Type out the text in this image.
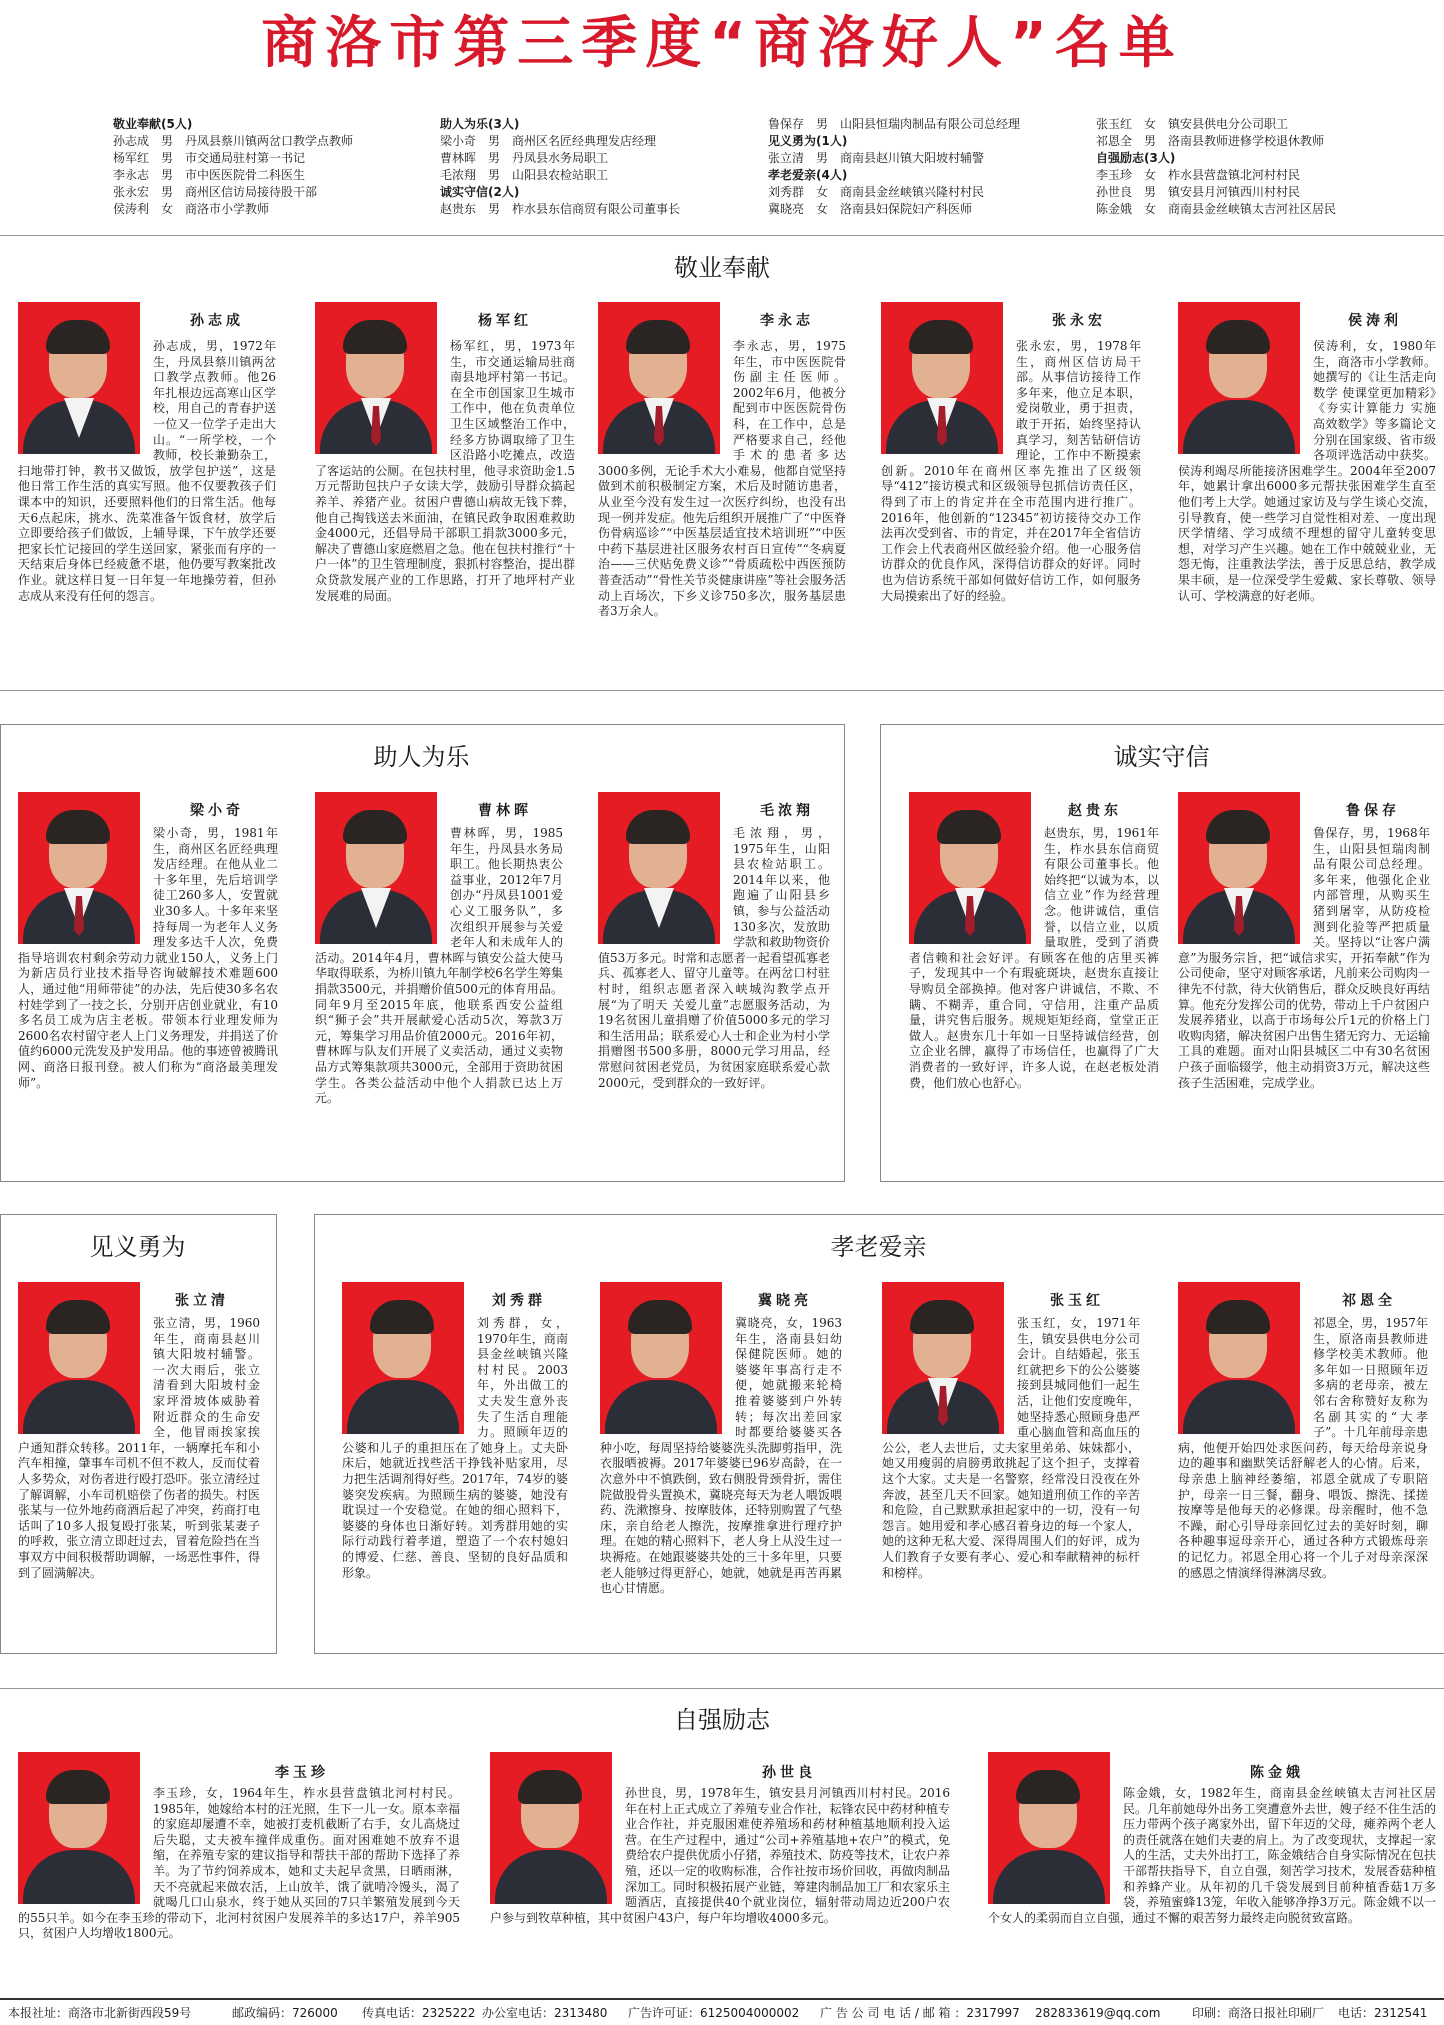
商洛市第三季度“商洛好人”名单
敬业奉献(5人)
孙志成　男　丹凤县蔡川镇两岔口教学点教师
杨军红　男　市交通局驻村第一书记
李永志　男　市中医医院骨二科医生
张永宏　男　商州区信访局接待股干部
侯涛利　女　商洛市小学教师
助人为乐(3人)
梁小奇　男　商州区名匠经典理发店经理
曹林晖　男　丹凤县水务局职工
毛浓翔　男　山阳县农检站职工
诚实守信(2人)
赵贵东　男　柞水县东信商贸有限公司董事长
鲁保存　男　山阳县恒瑞肉制品有限公司总经理
见义勇为(1人)
张立清　男　商南县赵川镇大阳坡村辅警
孝老爱亲(4人)
刘秀群　女　商南县金丝峡镇兴隆村村民
冀晓亮　女　洛南县妇保院妇产科医师
张玉红　女　镇安县供电分公司职工
祁恩全　男　洛南县教师进修学校退休教师
自强励志(3人)
李玉珍　女　柞水县营盘镇北河村村民
孙世良　男　镇安县月河镇西川村村民
陈金娥　女　商南县金丝峡镇太吉河社区居民
敬业奉献
孙志成
孙志成，男，1972年生，丹凤县蔡川镇两岔口教学点教师。他26年扎根边远高寒山区学校，用自己的青春护送一位又一位学子走出大山。“一所学校，一个教师，校长兼勤杂工，扫地带打钟，教书又做饭，放学包护送”，这是他日常工作生活的真实写照。他不仅要教孩子们课本中的知识，还要照料他们的日常生活。他每天6点起床，挑水、洗菜准备午饭食材，放学后立即要给孩子们做饭，上辅导课，下午放学还要把家长忙记接回的学生送回家，紧张而有序的一天结束后身体已经疲惫不堪，他仍要写教案批改作业。就这样日复一日年复一年地操劳着，但孙志成从来没有任何的怨言。
杨军红
杨军红，男，1973年生，市交通运输局驻商南县地坪村第一书记。在全市创国家卫生城市工作中，他在负责单位卫生区域整治工作中，经多方协调取缔了卫生区沿路小吃摊点，改造了客运站的公厕。在包扶村里，他寻求资助金1.5万元帮助包扶户子女读大学，鼓励引导群众搞起养羊、养猪产业。贫困户曹德山病故无钱下葬，他自己掏钱送去米面油，在镇民政争取困难救助金4000元，还倡导局干部职工捐款3000多元，解决了曹德山家庭燃眉之急。他在包扶村推行“十户一体”的卫生管理制度，狠抓村容整治，提出群众贷款发展产业的工作思路，打开了地坪村产业发展难的局面。
李永志
李永志，男，1975年生，市中医医院骨伤副主任医师。2002年6月，他被分配到市中医医院骨伤科，在工作中，总是严格要求自己，经他手术的患者多达3000多例，无论手术大小难易，他都自觉坚持做到术前积极制定方案，术后及时随访患者，从业至今没有发生过一次医疗纠纷，也没有出现一例并发症。他先后组织开展推广了“中医脊伤骨病巡诊”“中医基层适宜技术培训班”“中医中药下基层进社区服务农村百日宣传”“冬病夏治——三伏贴免费义诊”“骨质疏松中西医预防普查活动”“骨性关节炎健康讲座”等社会服务活动上百场次，下乡义诊750多次，服务基层患者3万余人。
张永宏
张永宏，男，1978年生，商州区信访局干部。从事信访接待工作多年来，他立足本职，爱岗敬业，勇于担责，敢于开拓，始终坚持认真学习，刻苦钻研信访理论，工作中不断摸索创新。2010年在商州区率先推出了区级领导“412”接访模式和区级领导包抓信访责任区，得到了市上的肯定并在全市范围内进行推广。2016年，他创新的“12345”初访接待交办工作法再次受到省、市的肯定，并在2017年全省信访工作会上代表商州区做经验介绍。他一心服务信访群众的优良作风，深得信访群众的好评。同时也为信访系统干部如何做好信访工作，如何服务大局摸索出了好的经验。
侯涛利
侯涛利，女，1980年生，商洛市小学教师。她撰写的《让生活走向数学 使课堂更加精彩》《夯实计算能力 实施高效数学》等多篇论文分别在国家级、省市级各项评选活动中获奖。侯涛利竭尽所能接济困难学生。2004年至2007年，她累计拿出6000多元帮扶张困难学生直至他们考上大学。她通过家访及与学生谈心交流，引导教育，使一些学习自觉性相对差、一度出现厌学情绪、学习成绩不理想的留守儿童转变思想，对学习产生兴趣。她在工作中兢兢业业，无怨无悔，注重教法学法，善于反思总结，教学成果丰硕，是一位深受学生爱戴、家长尊敬、领导认可、学校满意的好老师。
助人为乐	诚实守信
梁小奇
梁小奇，男，1981年生，商州区名匠经典理发店经理。在他从业二十多年里，先后培训学徒工260多人，安置就业30多人。十多年来坚持每周一为老年人义务理发多达千人次，免费指导培训农村剩余劳动力就业150人，义务上门为新店员行业技术指导咨询破解技术难题600人，通过他“用师带徒”的办法，先后使30多名农村娃学到了一技之长，分别开店创业就业，有10多名员工成为店主老板。带领本行业理发师为2600名农村留守老人上门义务理发，并捐送了价值约6000元洗发及护发用品。他的事迹曾被腾讯网、商洛日报刊登。被人们称为“商洛最美理发师”。
曹林晖
曹林晖，男，1985年生，丹凤县水务局职工。他长期热衷公益事业，2012年7月创办“丹凤县1001爱心义工服务队”，多次组织开展参与关爱老年人和未成年人的活动。2014年4月，曹林晖与镇安公益大使马华取得联系，为桥川镇九年制学校6名学生筹集捐款3500元，并捐赠价值500元的体育用品。同年9月至2015年底，他联系西安公益组织“狮子会”共开展献爱心活动5次，筹款3万元，筹集学习用品价值2000元。2016年初，曹林晖与队友们开展了义卖活动，通过义卖物品方式筹集款项共3000元，全部用于资助贫困学生。各类公益活动中他个人捐款已达上万元。
毛浓翔
毛浓翔，男，1975年生，山阳县农检站职工。2014年以来，他跑遍了山阳县乡镇，参与公益活动130多次，发放助学款和救助物资价值53万多元。时常和志愿者一起看望孤寡老兵、孤寡老人、留守儿童等。在两岔口村驻村时，组织志愿者深入峡城沟教学点开展“为了明天 关爱儿童”志愿服务活动，为19名贫困儿童捐赠了价值5000多元的学习和生活用品；联系爱心人士和企业为村小学捐赠图书500多册，8000元学习用品，经常慰问贫困老党员，为贫困家庭联系爱心款2000元，受到群众的一致好评。
赵贵东
赵贵东，男，1961年生，柞水县东信商贸有限公司董事长。他始终把“以诚为本，以信立业”作为经营理念。他讲诚信，重信誉，以信立业，以质量取胜，受到了消费者信赖和社会好评。有顾客在他的店里买裤子，发现其中一个有瑕疵斑块，赵贵东直接让导购员全部换掉。他对客户讲诚信，不欺、不瞒、不糊弄，重合同，守信用，注重产品质量，讲究售后服务。规规矩矩经商，堂堂正正做人。赵贵东几十年如一日坚持诚信经营，创立企业名牌，赢得了市场信任，也赢得了广大消费者的一致好评，许多人说，在赵老板处消费，他们放心也舒心。
鲁保存
鲁保存，男，1968年生，山阳县恒瑞肉制品有限公司总经理。多年来，他强化企业内部管理，从购买生猪到屠宰，从防疫检测到化验等严把质量关。坚持以“让客户满意”为服务宗旨，把“诚信求实，开拓奉献”作为公司使命，坚守对顾客承诺，凡前来公司购肉一律先不付款，待大伙销售后，群众反映良好再结算。他充分发挥公司的优势，带动上千户贫困户发展养猪业，以高于市场每公斤1元的价格上门收购肉猪，解决贫困户出售生猪无窍力、无运输工具的难题。面对山阳县城区二中有30名贫困户孩子面临辍学，他主动捐资3万元，解决这些孩子生活困难，完成学业。
见义勇为	孝老爱亲
张立清
张立清，男，1960年生，商南县赵川镇大阳坡村辅警。一次大雨后，张立清看到大阳坡村金家坪滑坡体威胁着附近群众的生命安全，他冒雨挨家挨户通知群众转移。2011年，一辆摩托车和小汽车相撞，肇事车司机不但不救人，反而仗着人多势众，对伤者进行殴打恐吓。张立清经过了解调解，小车司机赔偿了伤者的损失。村医张某与一位外地药商酒后起了冲突，药商打电话叫了10多人报复殴打张某，听到张某妻子的呼救，张立清立即赶过去，冒着危险挡在当事双方中间积极帮助调解，一场恶性事件，得到了圆满解决。
刘秀群
刘秀群，女，1970年生，商南县金丝峡镇兴隆村村民。2003年，外出做工的丈夫发生意外丧失了生活自理能力。照顾年迈的公婆和儿子的重担压在了她身上。丈夫卧床后，她就近找些活干挣钱补贴家用，尽力把生活调剂得好些。2017年，74岁的婆婆突发疾病。为照顾生病的婆婆，她没有耽误过一个安稳觉。在她的细心照料下，婆婆的身体也日渐好转。刘秀群用她的实际行动践行着孝道，塑造了一个农村媳妇的博爱、仁慈、善良、坚韧的良好品质和形象。
冀晓亮
冀晓亮，女，1963年生，洛南县妇幼保健院医师。她的婆婆年事高行走不便，她就搬来轮椅推着婆婆到户外转转；每次出差回家时都要给婆婆买各种小吃，每周坚持给婆婆洗头洗脚剪指甲，洗衣服晒被褥。2017年婆婆已96岁高龄，在一次意外中不慎跌倒，致右侧股骨颈骨折，需住院做股骨头置换术，冀晓亮每天为老人喂饭喂药、洗漱擦身、按摩肢体，还特别购置了气垫床，亲自给老人擦洗，按摩推拿进行理疗护理。在她的精心照料下，老人身上从没生过一块褥疮。在她跟婆婆共处的三十多年里，只要老人能够过得更舒心，她就，她就是再苦再累也心甘情愿。
张玉红
张玉红，女，1971年生，镇安县供电分公司会计。自结婚起，张玉红就把乡下的公公婆婆接到县城同他们一起生活，让他们安度晚年，她坚持悉心照顾身患严重心脑血管和高血压的公公，老人去世后，丈夫家里弟弟、妹妹都小，她又用瘦弱的肩膀勇敢挑起了这个担子，支撑着这个大家。丈夫是一名警察，经常没日没夜在外奔波，甚至几天不回家。她知道刑侦工作的辛苦和危险，自己默默承担起家中的一切，没有一句怨言。她用爱和孝心感召着身边的每一个家人，她的这种无私大爱、深得周围人们的好评，成为人们教育子女要有孝心、爱心和奉献精神的标杆和榜样。
祁恩全
祁恩全，男，1957年生，原洛南县教师进修学校美术教师。他多年如一日照顾年迈多病的老母亲，被左邻右舍称赞好友称为名副其实的“大孝子”。十几年前母亲患病，他便开始四处求医问药，每天给母亲说身边的趣事和幽默笑话舒解老人的心情。后来，母亲患上脑神经萎缩，祁恩全就成了专职陪护，母亲一日三餐，翻身、喂饭、擦洗、揉搓按摩等是他每天的必修课。母亲醒时，他不急不躁，耐心引导母亲回忆过去的美好时刻，聊各种趣事逗母亲开心，通过各种方式锻炼母亲的记忆力。祁恩全用心将一个儿子对母亲深深的感恩之情演绎得淋漓尽致。
自强励志
李玉珍
李玉珍，女，1964年生，柞水县营盘镇北河村村民。1985年，她嫁给本村的汪光照，生下一儿一女。原本幸福的家庭却屡遭不幸，她被打麦机截断了右手，女儿高烧过后失聪，丈夫被车撞伴成重伤。面对困难她不放弃不退缩，在养殖专家的建议指导和帮扶干部的帮助下选择了养羊。为了节约饲养成本，她和丈夫起早贪黑，日晒雨淋，天不亮就起来做农活，上山放羊，饿了就啃冷馒头，渴了就喝几口山泉水，终于她从买回的7只羊繁殖发展到今天的55只羊。如今在李玉珍的带动下，北河村贫困户发展养羊的多达17户，养羊905只，贫困户人均增收1800元。
孙世良
孙世良，男，1978年生，镇安县月河镇西川村村民。2016年在村上正式成立了养殖专业合作社，耘锋农民中药材种植专业合作社，并克服困难使养殖场和药材种植基地顺利投入运营。在生产过程中，通过“公司+养殖基地+农户”的模式，免费给农户提供优质小仔猪，养殖技术、防疫等技术，让农户养殖，还以一定的收购标准，合作社按市场价回收，再做肉制品深加工。同时积极拓展产业链，筹建肉制品加工厂和农家乐主题酒店，直接提供40个就业岗位，辐射带动周边近200户农户参与到牧草种植，其中贫困户43户，每户年均增收4000多元。
陈金娥
陈金娥，女，1982年生，商南县金丝峡镇太吉河社区居民。几年前她母外出务工突遭意外去世，嫂子经不住生活的压力带两个孩子离家外出，留下年迈的父母，瘫养两个老人的责任就落在她们夫妻的肩上。为了改变现状，支撑起一家人的生活，丈夫外出打工，陈金娥结合自身实际情况在包扶干部帮扶指导下，自立自强，刻苦学习技术，发展香菇种植和养蜂产业。从年初的几千袋发展到目前种植香菇1万多袋，养殖蜜蜂13笼，年收入能够净挣3万元。陈金娥不以一个女人的柔弱而自立自强，通过不懈的艰苦努力最终走向脱贫致富路。
本报社址：商洛市北新街西段59号	邮政编码：726000 传真电话：2325222 办公室电话：2313480 广告许可证：6125004000002 广 告 公 司 电 话 / 邮 箱 ：2317997 282833619@qq.com	印刷：商洛日报社印刷厂 电话：2312541
